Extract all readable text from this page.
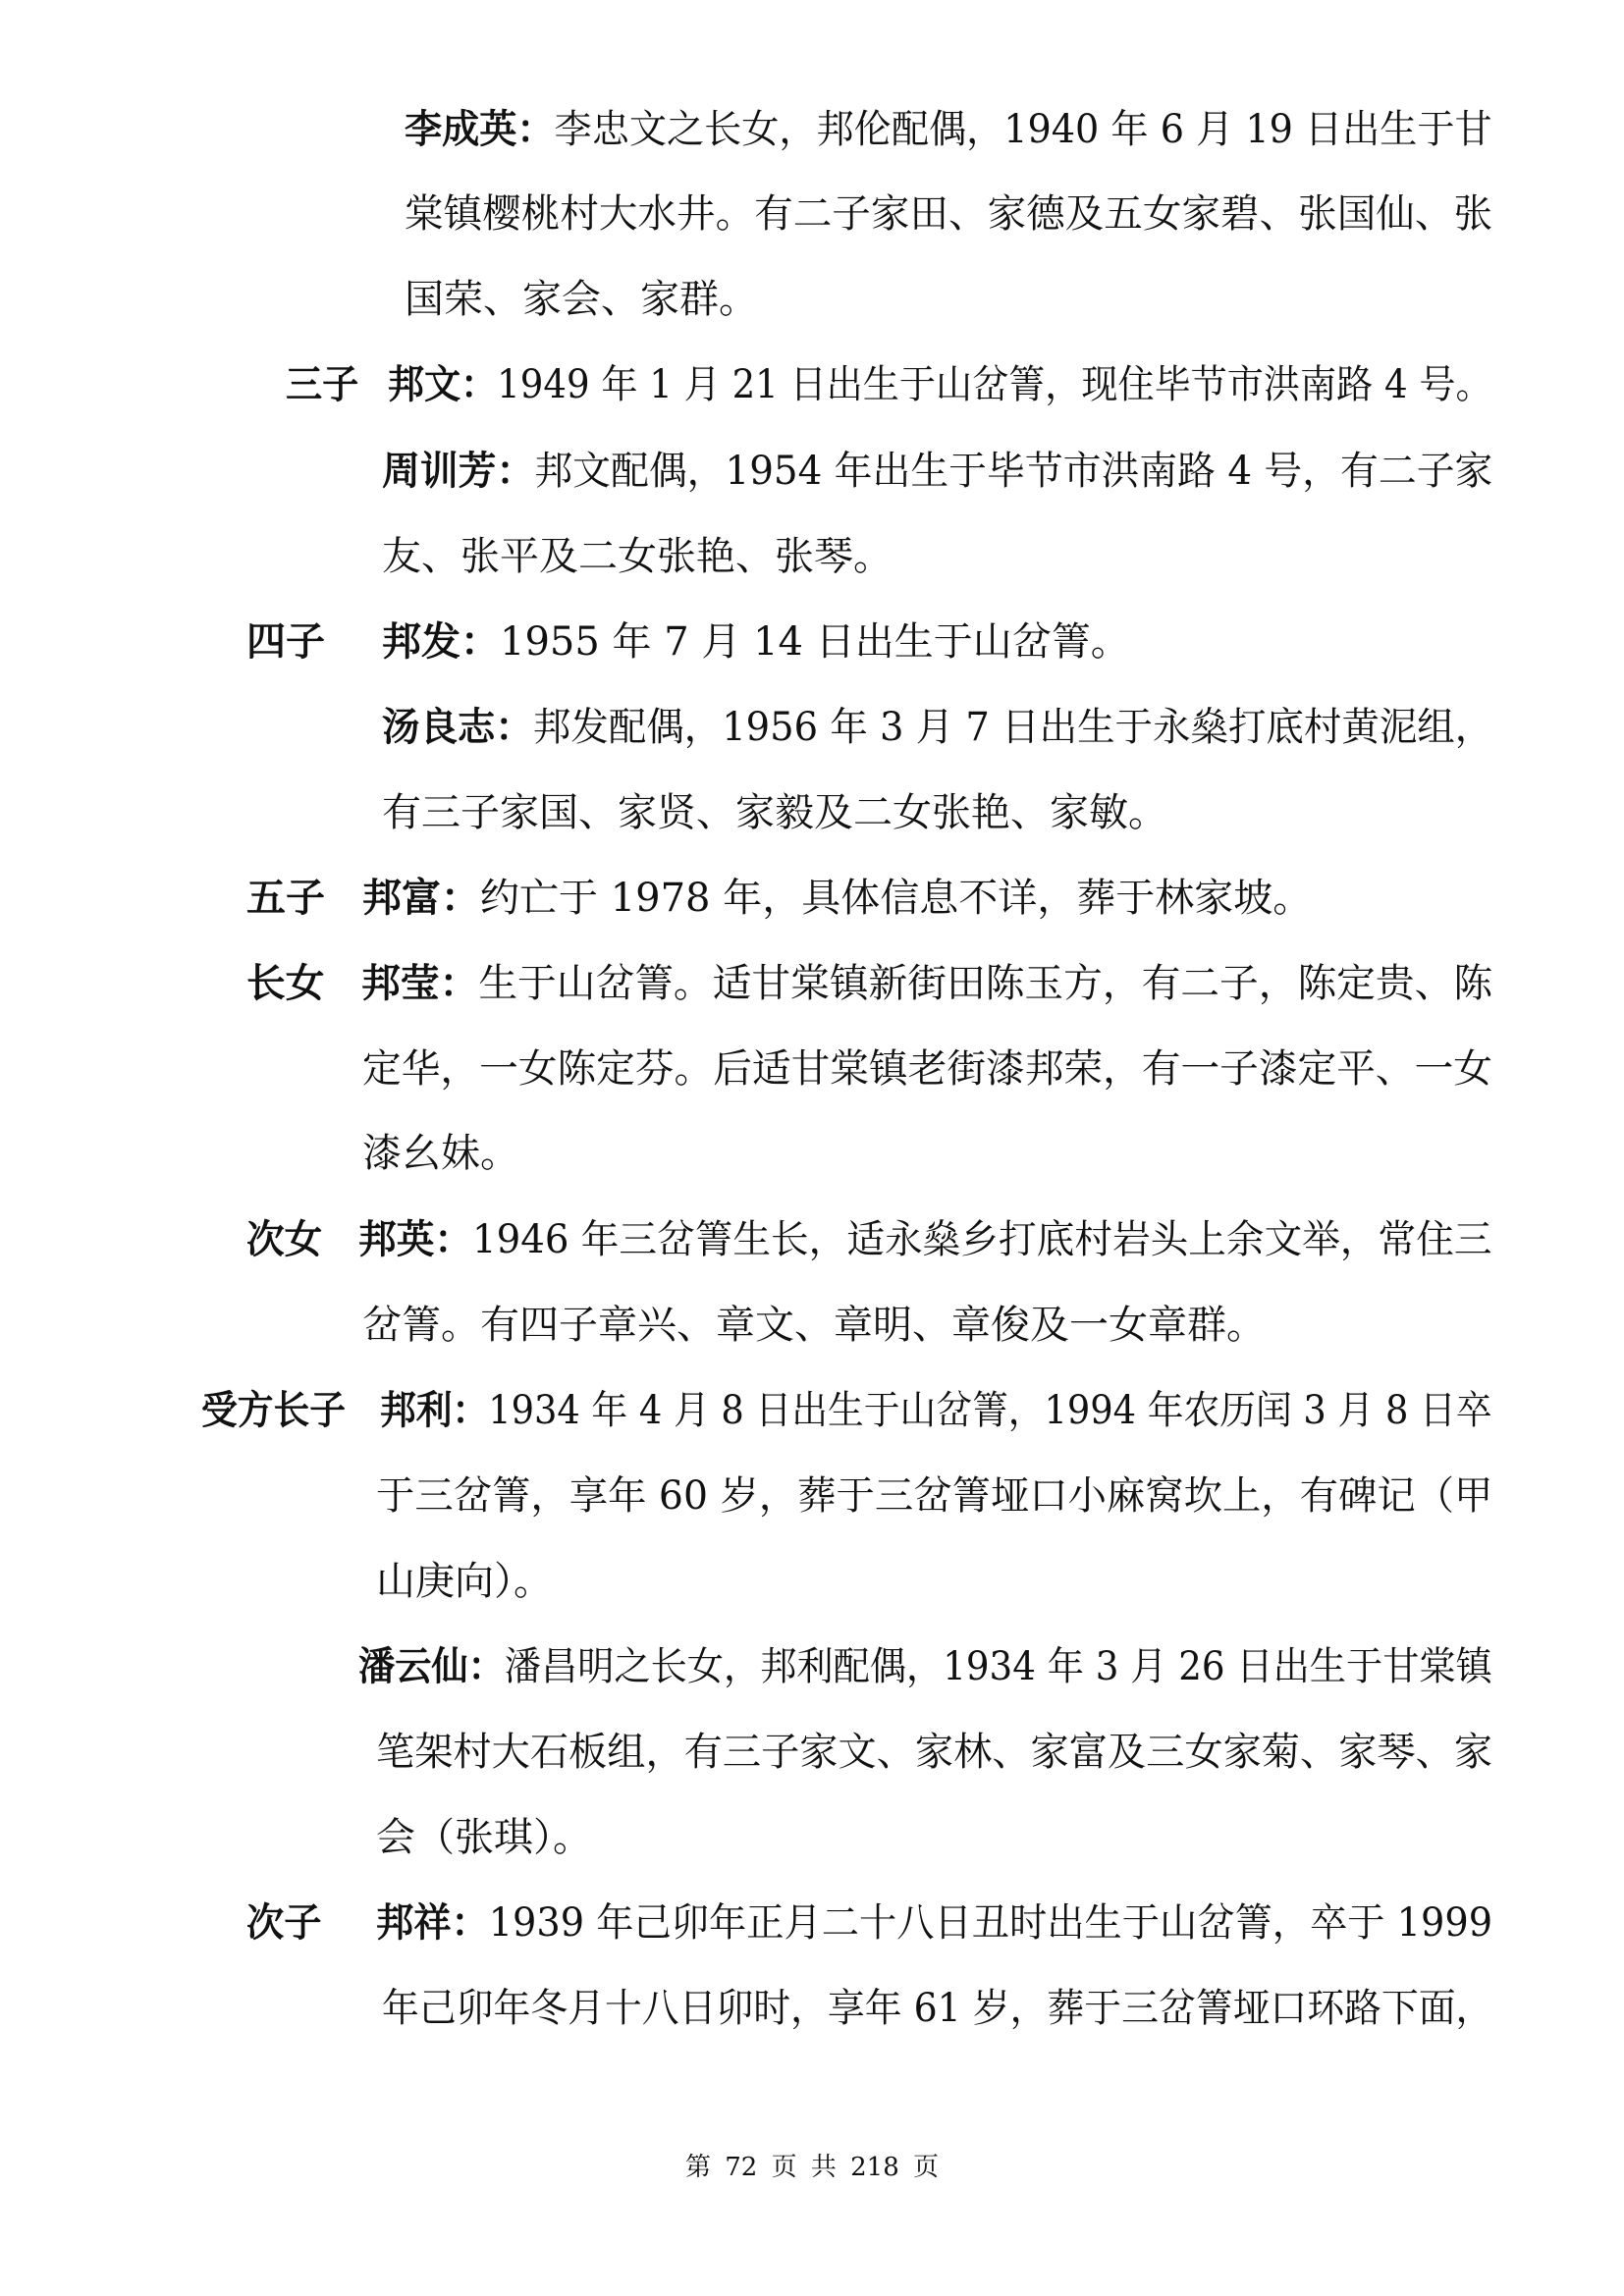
李成英：李忠文之长女，邦伦配偶，1940 年 6 月 19 日出生于甘
棠镇樱桃村大水井。有二子家田、家德及五女家碧、张国仙、张
国荣、家会、家群。
三子 邦文：1949 年 1 月 21 日出生于山岔箐，现住毕节市洪南路 4 号。
周训芳：邦文配偶，1954 年出生于毕节市洪南路 4 号，有二子家
友、张平及二女张艳、张琴。
四子 邦发：1955 年 7 月 14 日出生于山岔箐。
汤良志：邦发配偶，1956 年 3 月 7 日出生于永燊打底村黄泥组，
有三子家国、家贤、家毅及二女张艳、家敏。
五子 邦富：约亡于 1978 年，具体信息不详，葬于林家坡。
长女 邦莹：生于山岔箐。适甘棠镇新街田陈玉方，有二子，陈定贵、陈
定华，一女陈定芬。后适甘棠镇老街漆邦荣，有一子漆定平、一女
漆幺妹。
次女 邦英：1946 年三岔箐生长，适永燊乡打底村岩头上余文举，常住三
岔箐。有四子章兴、章文、章明、章俊及一女章群。
受方长子 邦利：1934 年 4 月 8 日出生于山岔箐，1994 年农历闰 3 月 8 日卒
于三岔箐，享年 60 岁，葬于三岔箐垭口小麻窝坎上，有碑记（甲
山庚向）。
潘云仙：潘昌明之长女，邦利配偶，1934 年 3 月 26 日出生于甘棠镇
笔架村大石板组，有三子家文、家林、家富及三女家菊、家琴、家
会（张琪）。
次子 邦祥：1939 年己卯年正月二十八日丑时出生于山岔箐，卒于 1999
年己卯年冬月十八日卯时，享年 61 岁，葬于三岔箐垭口环路下面，
第 72 页 共 218 页
